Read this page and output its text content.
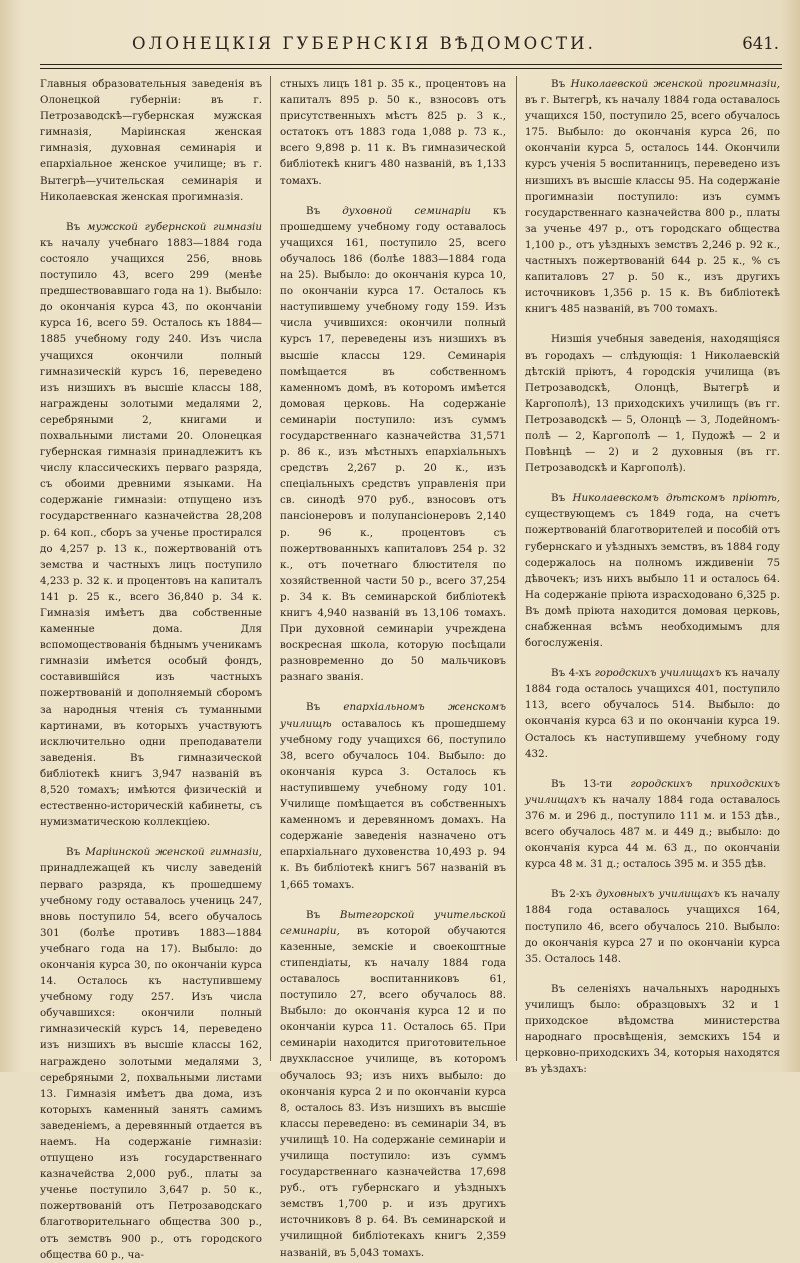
ОЛОНЕЦКІЯ ГУБЕРНСКІЯ ВѢДОМОСТИ.	641.

Главныя образовательныя заведенія въ Олонецкой губерніи: въ г. Петрозаводскѣ—губернская мужская гимназія, Маріинская женская гимназія, духовная семинарія и епархіальное женское училище; въ г. Вытегрѣ—учительская семинарія и Николаевская женская прогимназія.

Въ мужской губернской гимназіи къ началу учебнаго 1883—1884 года состояло учащихся 256, вновь поступило 43, всего 299 (менѣе предшествовавшаго года на 1). Выбыло: до окончанія курса 43, по окончаніи курса 16, всего 59. Осталось къ 1884—1885 учебному году 240. Изъ числа учащихся окончили полный гимназическій курсъ 16, переведено изъ низшихъ въ высшіе классы 188, награждены золотыми медалями 2, серебряными 2, книгами и похвальными листами 20. Олонецкая губернская гимназія принадлежитъ къ числу классическихъ перваго разряда, съ обоими древними языками. На содержаніе гимназіи: отпущено изъ государственнаго казначейства 28,208 р. 64 коп., сборъ за ученье простирался до 4,257 р. 13 к., пожертвованій отъ земства и частныхъ лицъ поступило 4,233 р. 32 к. и процентовъ на капиталъ 141 р. 25 к., всего 36,840 р. 34 к. Гимназія имѣетъ два собственные каменные дома. Для вспомоществованія бѣднымъ ученикамъ гимназіи имѣется особый фондъ, составившійся изъ частныхъ пожертвованій и дополняемый сборомъ за народныя чтенія съ туманными картинами, въ которыхъ участвуютъ исключительно одни преподаватели заведенія. Въ гимназической библіотекѣ книгъ 3,947 названій въ 8,520 томахъ; имѣются физическій и естественно-историческій кабинеты, съ нумизматическою коллекціею.

Въ Маріинской женской гимназіи, принадлежащей къ числу заведеній перваго разряда, къ прошедшему учебному году оставалось учениць 247, вновь поступило 54, всего обучалось 301 (болѣе противъ 1883—1884 учебнаго года на 17). Выбыло: до окончанія курса 30, по окончаніи курса 14. Осталось къ наступившему учебному году 257. Изъ числа обучавшихся: окончили полный гимназическій курсъ 14, переведено изъ низшихъ въ высшіе классы 162, награждено золотыми медалями 3, серебряными 2, похвальными листами 13. Гимназія имѣетъ два дома, изъ которыхъ каменный занятъ самимъ заведеніемъ, а деревянный отдается въ наемъ. На содержаніе гимназіи: отпущено изъ государственнаго казначейства 2,000 руб., платы за ученье поступило 3,647 р. 50 к., пожертвованій отъ Петрозаводскаго благотворительнаго общества 300 р., отъ земствъ 900 р., отъ городского общества 60 р., ча-

стныхъ лицъ 181 р. 35 к., процентовъ на капиталъ 895 р. 50 к., взносовъ отъ присутственныхъ мѣстъ 825 р. 3 к., остатокъ отъ 1883 года 1,088 р. 73 к., всего 9,898 р. 11 к. Въ гимназической библіотекѣ книгъ 480 названій, въ 1,133 томахъ.

Въ духовной семинаріи къ прошедшему учебному году оставалось учащихся 161, поступило 25, всего обучалось 186 (болѣе 1883—1884 года на 25). Выбыло: до окончанія курса 10, по окончаніи курса 17. Осталось къ наступившему учебному году 159. Изъ числа учившихся: окончили полный курсъ 17, переведены изъ низшихъ въ высшіе классы 129. Семинарія помѣщается въ собственномъ каменномъ домѣ, въ которомъ имѣется домовая церковь. На содержаніе семинаріи поступило: изъ суммъ государственнаго казначейства 31,571 р. 86 к., изъ мѣстныхъ епархіальныхъ средствъ 2,267 р. 20 к., изъ спеціальныхъ средствъ управленія при св. синодѣ 970 руб., взносовъ отъ пансіонеровъ и полупансіонеровъ 2,140 р. 96 к., процентовъ съ пожертвованныхъ капиталовъ 254 р. 32 к., отъ почетнаго блюстителя по хозяйственной части 50 р., всего 37,254 р. 34 к. Въ семинарской библіотекѣ книгъ 4,940 названій въ 13,106 томахъ. При духовной семинаріи учреждена воскресная школа, которую посѣщали разновременно до 50 мальчиковъ разнаго званія.

Въ епархіальномъ женскомъ училищѣ оставалось къ прошедшему учебному году учащихся 66, поступило 38, всего обучалось 104. Выбыло: до окончанія курса 3. Осталось къ наступившему учебному году 101. Училище помѣщается въ собственныхъ каменномъ и деревянномъ домахъ. На содержаніе заведенія назначено отъ епархіальнаго духовенства 10,493 р. 94 к. Въ библіотекѣ книгъ 567 названій въ 1,665 томахъ.

Въ Вытегорской учительской семинаріи, въ которой обучаются казенные, земскіе и своекоштные стипендіаты, къ началу 1884 года оставалось воспитанниковъ 61, поступило 27, всего обучалось 88. Выбыло: до окончанія курса 12 и по окончаніи курса 11. Осталось 65. При семинаріи находится приготовительное двухклассное училище, въ которомъ обучалось 93; изъ нихъ выбыло: до окончанія курса 2 и по окончаніи курса 8, осталось 83. Изъ низшихъ въ высшіе классы переведено: въ семинаріи 34, въ училищѣ 10. На содержаніе семинаріи и училища поступило: изъ суммъ государственнаго казначейства 17,698 руб., отъ губернскаго и уѣздныхъ земствъ 1,700 р. и изъ другихъ источниковъ 8 р. 64. Въ семинарской и училищной библіотекахъ книгъ 2,359 названій, въ 5,043 томахъ.

Въ Николаевской женской прогимназіи, въ г. Вытегрѣ, къ началу 1884 года оставалось учащихся 150, поступило 25, всего обучалось 175. Выбыло: до окончанія курса 26, по окончаніи курса 5, осталось 144. Окончили курсъ ученія 5 воспитанницъ, переведено изъ низшихъ въ высшіе классы 95. На содержаніе прогимназіи поступило: изъ суммъ государственнаго казначейства 800 р., платы за ученье 497 р., отъ городскаго общества 1,100 р., отъ уѣздныхъ земствъ 2,246 р. 92 к., частныхъ пожертвованій 644 р. 25 к., % съ капиталовъ 27 р. 50 к., изъ другихъ источниковъ 1,356 р. 15 к. Въ библіотекѣ книгъ 485 названій, въ 700 томахъ.

Низшія учебныя заведенія, находящіяся въ городахъ — слѣдующія: 1 Николаевскій дѣтскій пріютъ, 4 городскія училища (въ Петрозаводскѣ, Олонцѣ, Вытегрѣ и Каргополѣ), 13 приходскихъ училищъ (въ гг. Петрозаводскѣ — 5, Олонцѣ — 3, Лодейномъ-полѣ — 2, Каргополѣ — 1, Пудожѣ — 2 и Повѣнцѣ — 2) и 2 духовныя (въ гг. Петрозаводскѣ и Каргополѣ).

Въ Николаевскомъ дѣтскомъ пріютѣ, существующемъ съ 1849 года, на счетъ пожертвованій благотворителей и пособій отъ губернскаго и уѣздныхъ земствъ, въ 1884 году содержалось на полномъ иждивеніи 75 дѣвочекъ; изъ нихъ выбыло 11 и осталось 64. На содержаніе пріюта израсходовано 6,325 р. Въ домѣ пріюта находится домовая церковь, снабженная всѣмъ необходимымъ для богослуженія.

Въ 4-хъ городскихъ училищахъ къ началу 1884 года осталось учащихся 401, поступило 113, всего обучалось 514. Выбыло: до окончанія курса 63 и по окончаніи курса 19. Осталось къ наступившему учебному году 432.

Въ 13-ти городскихъ приходскихъ училищахъ къ началу 1884 года оставалось 376 м. и 296 д., поступило 111 м. и 153 дѣв., всего обучалось 487 м. и 449 д.; выбыло: до окончанія курса 44 м. 63 д., по окончаніи курса 48 м. 31 д.; осталось 395 м. и 355 дѣв.

Въ 2-хъ духовныхъ училищахъ къ началу 1884 года оставалось учащихся 164, поступило 46, всего обучалось 210. Выбыло: до окончанія курса 27 и по окончаніи курса 35. Осталось 148.

Въ селеніяхъ начальныхъ народныхъ училищъ было: образцовыхъ 32 и 1 приходское вѣдомства министерства народнаго просвѣщенія, земскихъ 154 и церковно-приходскихъ 34, которыя находятся въ уѣздахъ:
